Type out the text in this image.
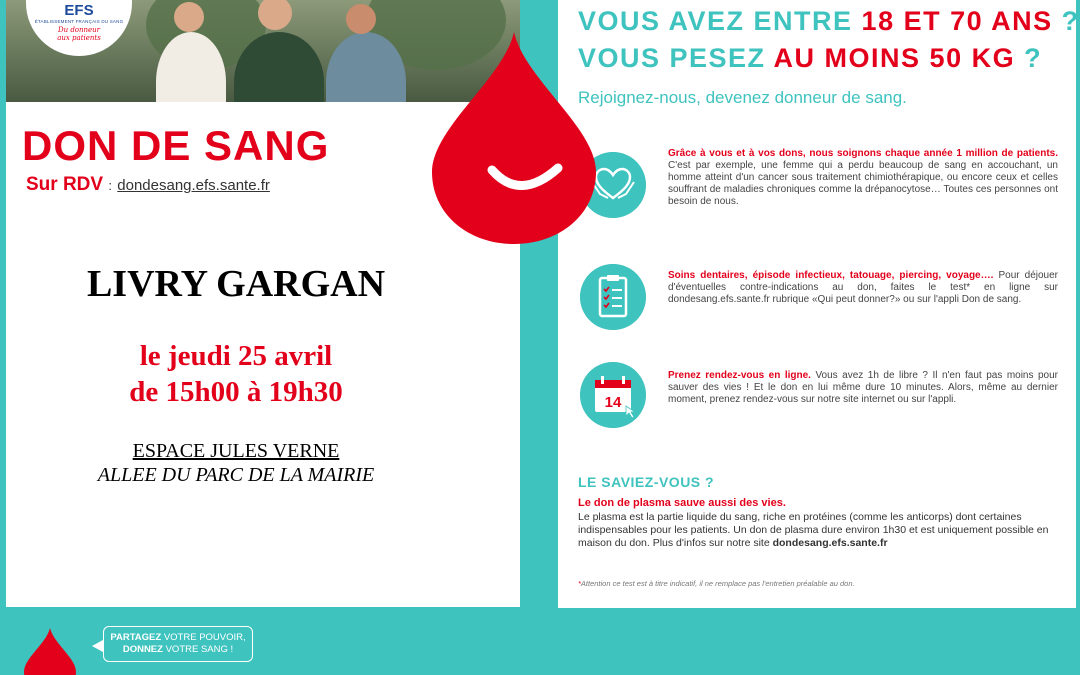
EFS
ÉTABLISSEMENT FRANÇAIS DU SANG
Du donneur
aux patients
DON DE SANG
Sur RDV : dondesang.efs.sante.fr
LIVRY GARGAN
le jeudi 25 avril
de 15h00 à 19h30
ESPACE JULES VERNE
ALLEE DU PARC DE LA MAIRIE
PARTAGEZ VOTRE POUVOIR,
DONNEZ VOTRE SANG !
VOUS AVEZ ENTRE 18 ET 70 ANS ?
VOUS PESEZ AU MOINS 50 KG ?
Rejoignez-nous, devenez donneur de sang.
Grâce à vous et à vos dons, nous soignons chaque année 1 million de patients. C'est par exemple, une femme qui a perdu beaucoup de sang en accouchant, un homme atteint d'un cancer sous traitement chimiothérapique, ou encore ceux et celles souffrant de maladies chroniques comme la drépanocytose… Toutes ces personnes ont besoin de nous.
Soins dentaires, épisode infectieux, tatouage, piercing, voyage…. Pour déjouer d'éventuelles contre-indications au don, faites le test* en ligne sur dondesang.efs.sante.fr rubrique «Qui peut donner?» ou sur l'appli Don de sang.
14
Prenez rendez-vous en ligne. Vous avez 1h de libre ? Il n'en faut pas moins pour sauver des vies ! Et le don en lui même dure 10 minutes. Alors, même au dernier moment, prenez rendez-vous sur notre site internet ou sur l'appli.
LE SAVIEZ-VOUS ?
Le don de plasma sauve aussi des vies.
Le plasma est la partie liquide du sang, riche en protéines (comme les anticorps) dont certaines indispensables pour les patients. Un don de plasma dure environ 1h30 et est uniquement possible en maison du don. Plus d'infos sur notre site dondesang.efs.sante.fr
*Attention ce test est à titre indicatif, il ne remplace pas l'entretien préalable au don.
